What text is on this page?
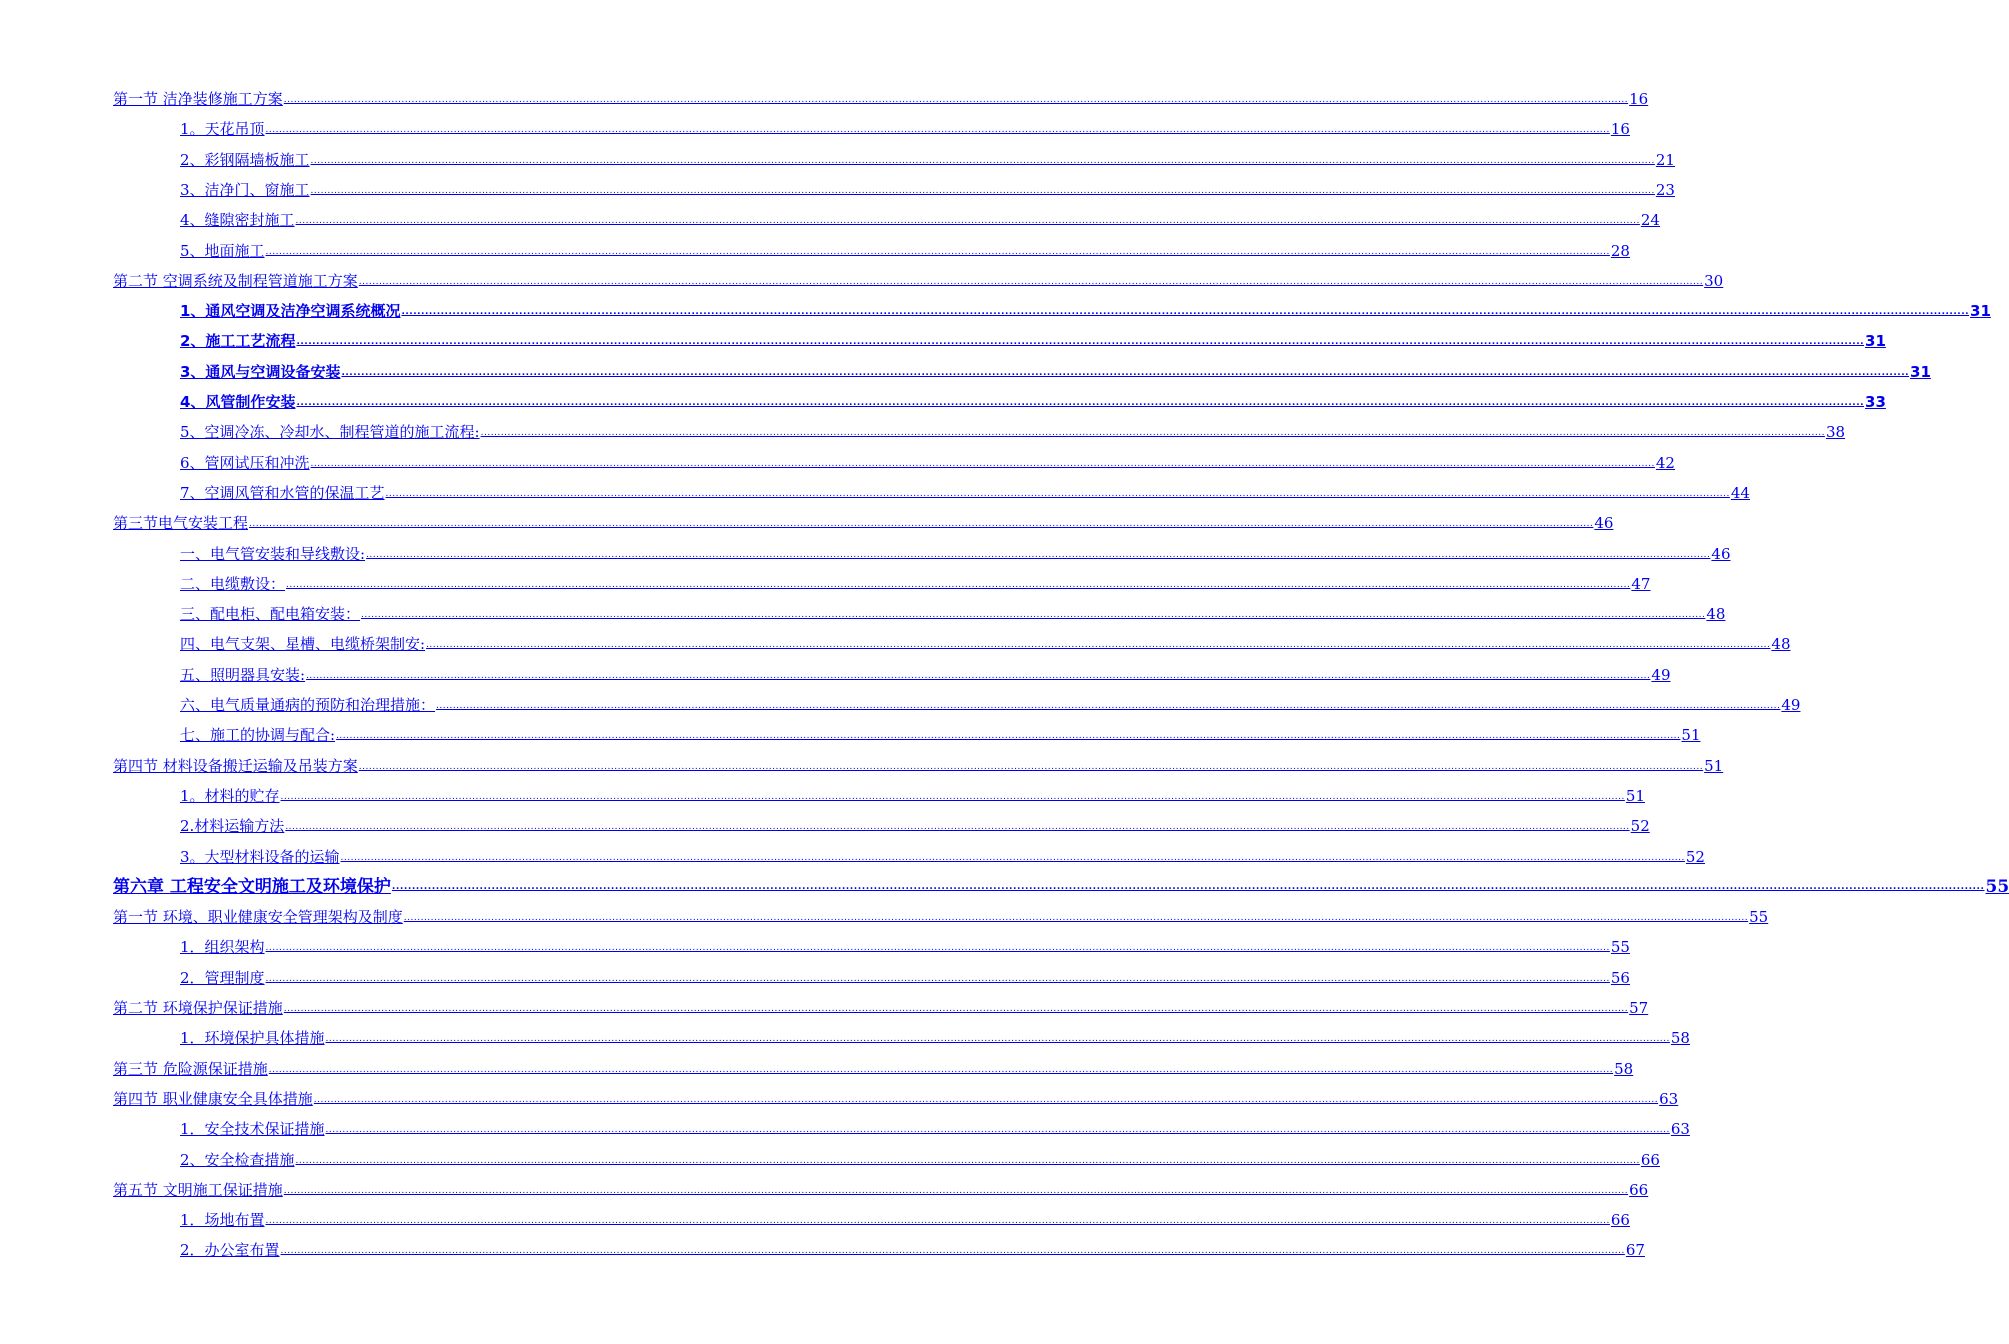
第一节 洁净装修施工方案 ................................................................................................................................................................................................................................................................................................................................................................................................................ 16
1。天花吊顶 ................................................................................................................................................................................................................................................................................................................................................................................................................ 16
2、彩钢隔墙板施工 ................................................................................................................................................................................................................................................................................................................................................................................................................ 21
3、洁净门、窗施工 ................................................................................................................................................................................................................................................................................................................................................................................................................ 23
4、缝隙密封施工 ................................................................................................................................................................................................................................................................................................................................................................................................................ 24
5、地面施工 ................................................................................................................................................................................................................................................................................................................................................................................................................ 28
第二节 空调系统及制程管道施工方案 ................................................................................................................................................................................................................................................................................................................................................................................................................ 30
1、通风空调及洁净空调系统概况 ................................................................................................................................................................................................................................................................................................................................................................................................................ 31
2、施工工艺流程 ................................................................................................................................................................................................................................................................................................................................................................................................................ 31
3、通风与空调设备安装 ................................................................................................................................................................................................................................................................................................................................................................................................................ 31
4、风管制作安装 ................................................................................................................................................................................................................................................................................................................................................................................................................ 33
5、空调冷冻、冷却水、制程管道的施工流程: ................................................................................................................................................................................................................................................................................................................................................................................................................ 38
6、管网试压和冲洗 ................................................................................................................................................................................................................................................................................................................................................................................................................ 42
7、空调风管和水管的保温工艺 ................................................................................................................................................................................................................................................................................................................................................................................................................ 44
第三节电气安装工程 ................................................................................................................................................................................................................................................................................................................................................................................................................ 46
一、电气管安装和导线敷设: ................................................................................................................................................................................................................................................................................................................................................................................................................ 46
二、电缆敷设： ................................................................................................................................................................................................................................................................................................................................................................................................................ 47
三、配电柜、配电箱安装： ................................................................................................................................................................................................................................................................................................................................................................................................................ 48
四、电气支架、星槽、电缆桥架制安: ................................................................................................................................................................................................................................................................................................................................................................................................................ 48
五、照明器具安装: ................................................................................................................................................................................................................................................................................................................................................................................................................ 49
六、电气质量通病的预防和治理措施： ................................................................................................................................................................................................................................................................................................................................................................................................................ 49
七、施工的协调与配合: ................................................................................................................................................................................................................................................................................................................................................................................................................ 51
第四节 材料设备搬迁运输及吊装方案 ................................................................................................................................................................................................................................................................................................................................................................................................................ 51
1。材料的贮存 ................................................................................................................................................................................................................................................................................................................................................................................................................ 51
2.材料运输方法 ................................................................................................................................................................................................................................................................................................................................................................................................................ 52
3。大型材料设备的运输 ................................................................................................................................................................................................................................................................................................................................................................................................................ 52
第六章 工程安全文明施工及环境保护 ................................................................................................................................................................................................................................................................................................................................................................................................................ 55
第一节 环境、职业健康安全管理架构及制度 ................................................................................................................................................................................................................................................................................................................................................................................................................ 55
1．组织架构 ................................................................................................................................................................................................................................................................................................................................................................................................................ 55
2．管理制度 ................................................................................................................................................................................................................................................................................................................................................................................................................ 56
第二节 环境保护保证措施 ................................................................................................................................................................................................................................................................................................................................................................................................................ 57
1．环境保护具体措施 ................................................................................................................................................................................................................................................................................................................................................................................................................ 58
第三节 危险源保证措施 ................................................................................................................................................................................................................................................................................................................................................................................................................ 58
第四节 职业健康安全具体措施 ................................................................................................................................................................................................................................................................................................................................................................................................................ 63
1．安全技术保证措施 ................................................................................................................................................................................................................................................................................................................................................................................................................ 63
2、安全检查措施 ................................................................................................................................................................................................................................................................................................................................................................................................................ 66
第五节 文明施工保证措施 ................................................................................................................................................................................................................................................................................................................................................................................................................ 66
1．场地布置 ................................................................................................................................................................................................................................................................................................................................................................................................................ 66
2．办公室布置 ................................................................................................................................................................................................................................................................................................................................................................................................................ 67
